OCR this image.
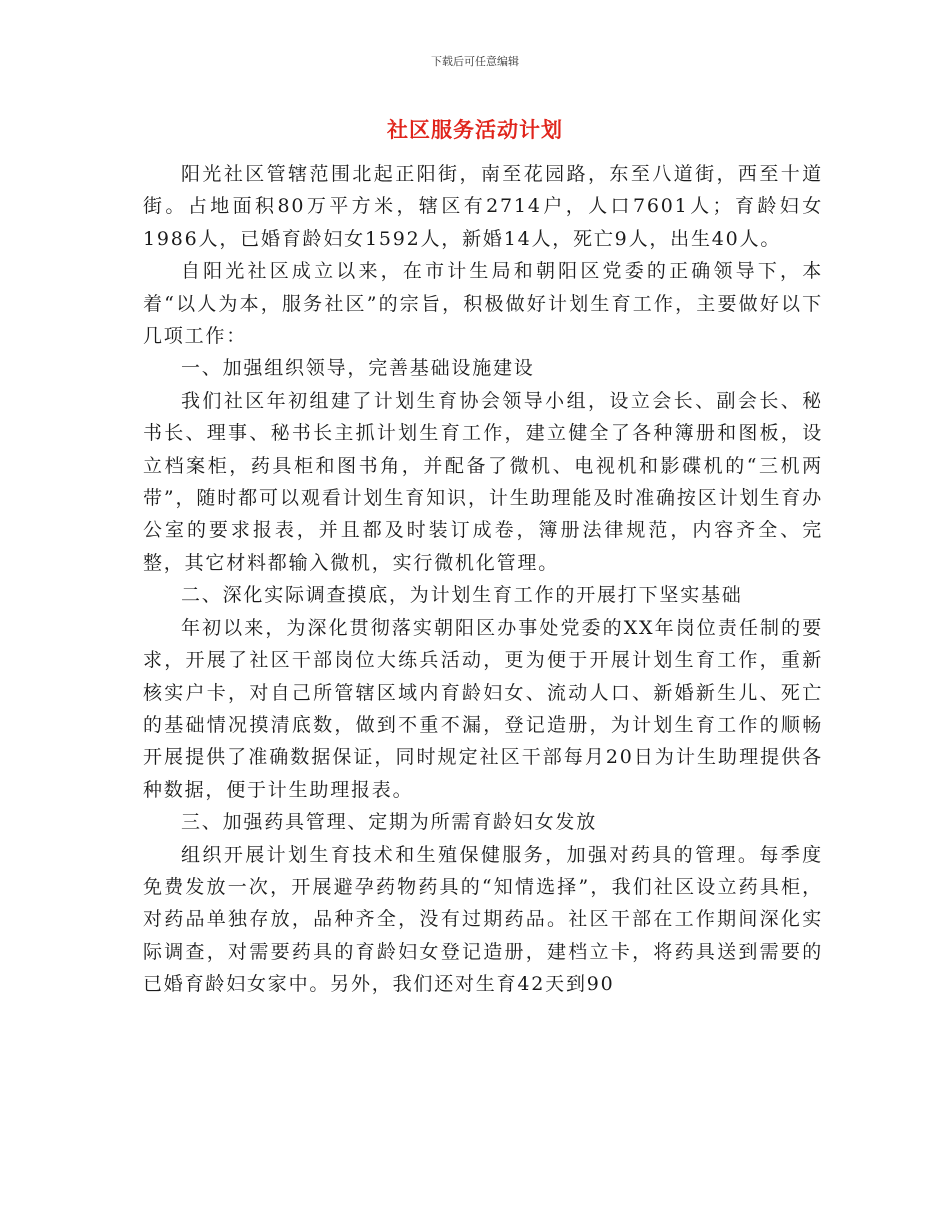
下载后可任意编辑
社区服务活动计划

阳光社区管辖范围北起正阳街，南至花园路，东至八道街，西至十道街。占地面积80万平方米，辖区有2714户，人口7601人；育龄妇女1986人，已婚育龄妇女1592人，新婚14人，死亡9人，出生40人。

自阳光社区成立以来，在市计生局和朝阳区党委的正确领导下，本着“以人为本，服务社区”的宗旨，积极做好计划生育工作，主要做好以下几项工作：

一、加强组织领导，完善基础设施建设

我们社区年初组建了计划生育协会领导小组，设立会长、副会长、秘书长、理事、秘书长主抓计划生育工作，建立健全了各种簿册和图板，设立档案柜，药具柜和图书角，并配备了微机、电视机和影碟机的“三机两带”，随时都可以观看计划生育知识，计生助理能及时准确按区计划生育办公室的要求报表，并且都及时装订成卷，簿册法律规范，内容齐全、完整，其它材料都输入微机，实行微机化管理。

二、深化实际调查摸底，为计划生育工作的开展打下坚实基础

年初以来，为深化贯彻落实朝阳区办事处党委的XX年岗位责任制的要求，开展了社区干部岗位大练兵活动，更为便于开展计划生育工作，重新核实户卡，对自己所管辖区域内育龄妇女、流动人口、新婚新生儿、死亡的基础情况摸清底数，做到不重不漏，登记造册，为计划生育工作的顺畅开展提供了准确数据保证，同时规定社区干部每月20日为计生助理提供各种数据，便于计生助理报表。

三、加强药具管理、定期为所需育龄妇女发放

组织开展计划生育技术和生殖保健服务，加强对药具的管理。每季度免费发放一次，开展避孕药物药具的“知情选择”，我们社区设立药具柜，对药品单独存放，品种齐全，没有过期药品。社区干部在工作期间深化实际调查，对需要药具的育龄妇女登记造册，建档立卡，将药具送到需要的已婚育龄妇女家中。另外，我们还对生育42天到90
